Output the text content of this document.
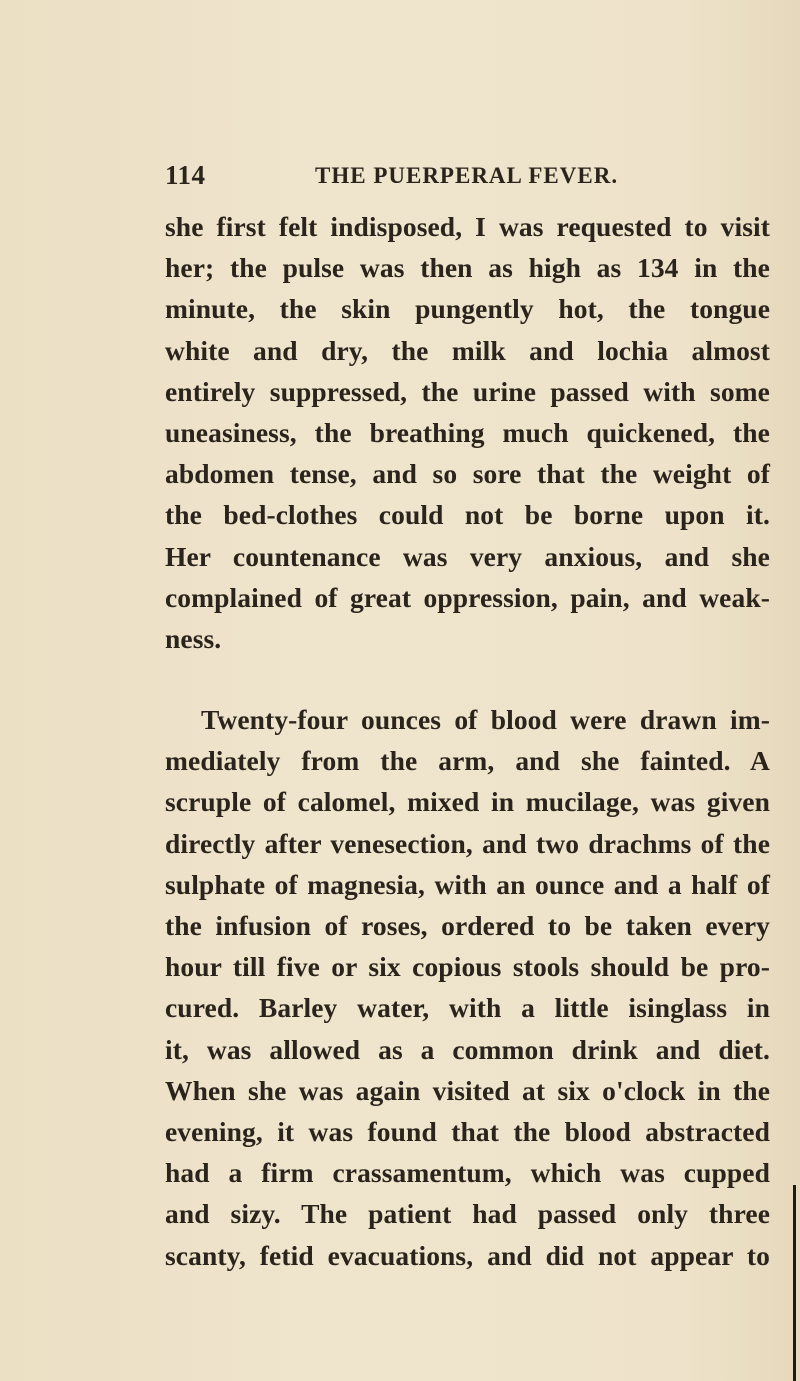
114	THE PUERPERAL FEVER.
she first felt indisposed, I was requested to visit
her; the pulse was then as high as 134 in the
minute, the skin pungently hot, the tongue
white and dry, the milk and lochia almost
entirely suppressed, the urine passed with some
uneasiness, the breathing much quickened, the
abdomen tense, and so sore that the weight of
the bed-clothes could not be borne upon it.
Her countenance was very anxious, and she
complained of great oppression, pain, and weak-
ness.
Twenty-four ounces of blood were drawn im-
mediately from the arm, and she fainted. A
scruple of calomel, mixed in mucilage, was given
directly after venesection, and two drachms of the
sulphate of magnesia, with an ounce and a half of
the infusion of roses, ordered to be taken every
hour till five or six copious stools should be pro-
cured. Barley water, with a little isinglass in
it, was allowed as a common drink and diet.
When she was again visited at six o'clock in the
evening, it was found that the blood abstracted
had a firm crassamentum, which was cupped
and sizy. The patient had passed only three
scanty, fetid evacuations, and did not appear to
